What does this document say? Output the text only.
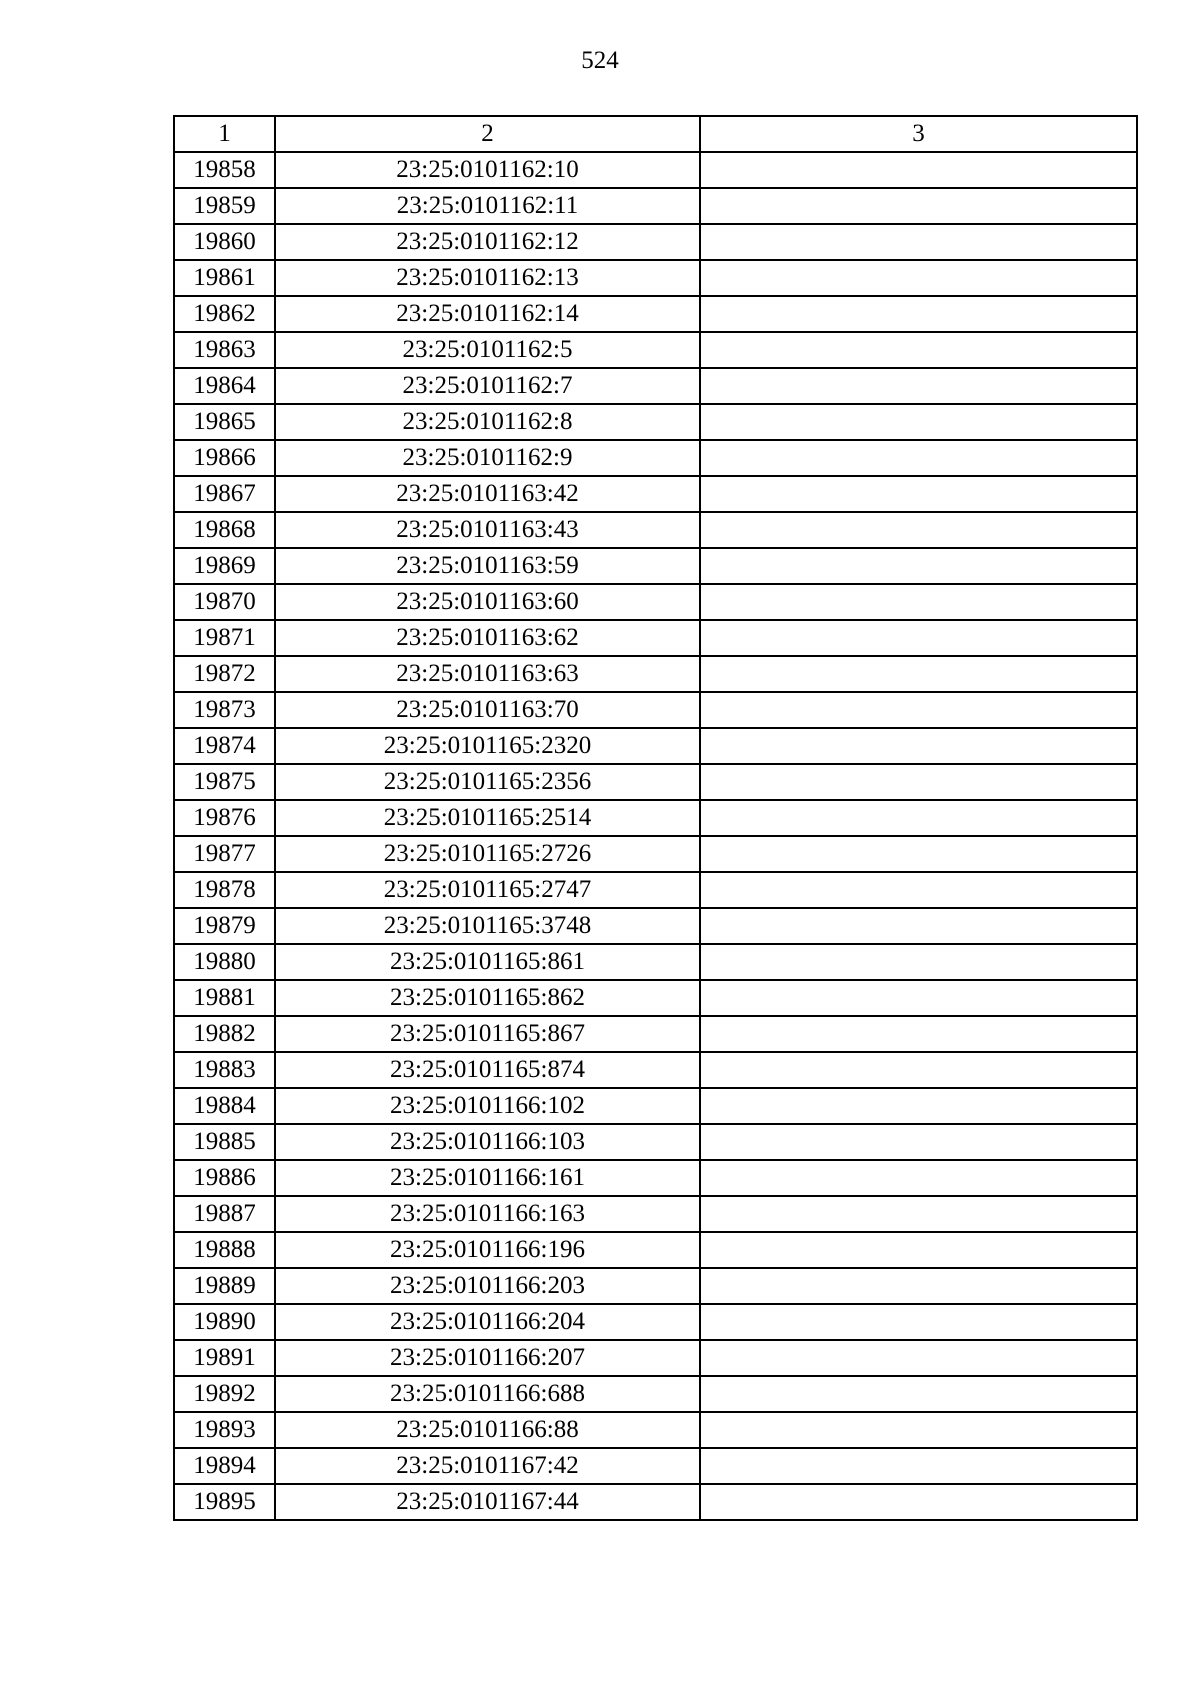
524
1	2	3
19858	23:25:0101162:10	
19859	23:25:0101162:11	
19860	23:25:0101162:12	
19861	23:25:0101162:13	
19862	23:25:0101162:14	
19863	23:25:0101162:5	
19864	23:25:0101162:7	
19865	23:25:0101162:8	
19866	23:25:0101162:9	
19867	23:25:0101163:42	
19868	23:25:0101163:43	
19869	23:25:0101163:59	
19870	23:25:0101163:60	
19871	23:25:0101163:62	
19872	23:25:0101163:63	
19873	23:25:0101163:70	
19874	23:25:0101165:2320	
19875	23:25:0101165:2356	
19876	23:25:0101165:2514	
19877	23:25:0101165:2726	
19878	23:25:0101165:2747	
19879	23:25:0101165:3748	
19880	23:25:0101165:861	
19881	23:25:0101165:862	
19882	23:25:0101165:867	
19883	23:25:0101165:874	
19884	23:25:0101166:102	
19885	23:25:0101166:103	
19886	23:25:0101166:161	
19887	23:25:0101166:163	
19888	23:25:0101166:196	
19889	23:25:0101166:203	
19890	23:25:0101166:204	
19891	23:25:0101166:207	
19892	23:25:0101166:688	
19893	23:25:0101166:88	
19894	23:25:0101167:42	
19895	23:25:0101167:44	
